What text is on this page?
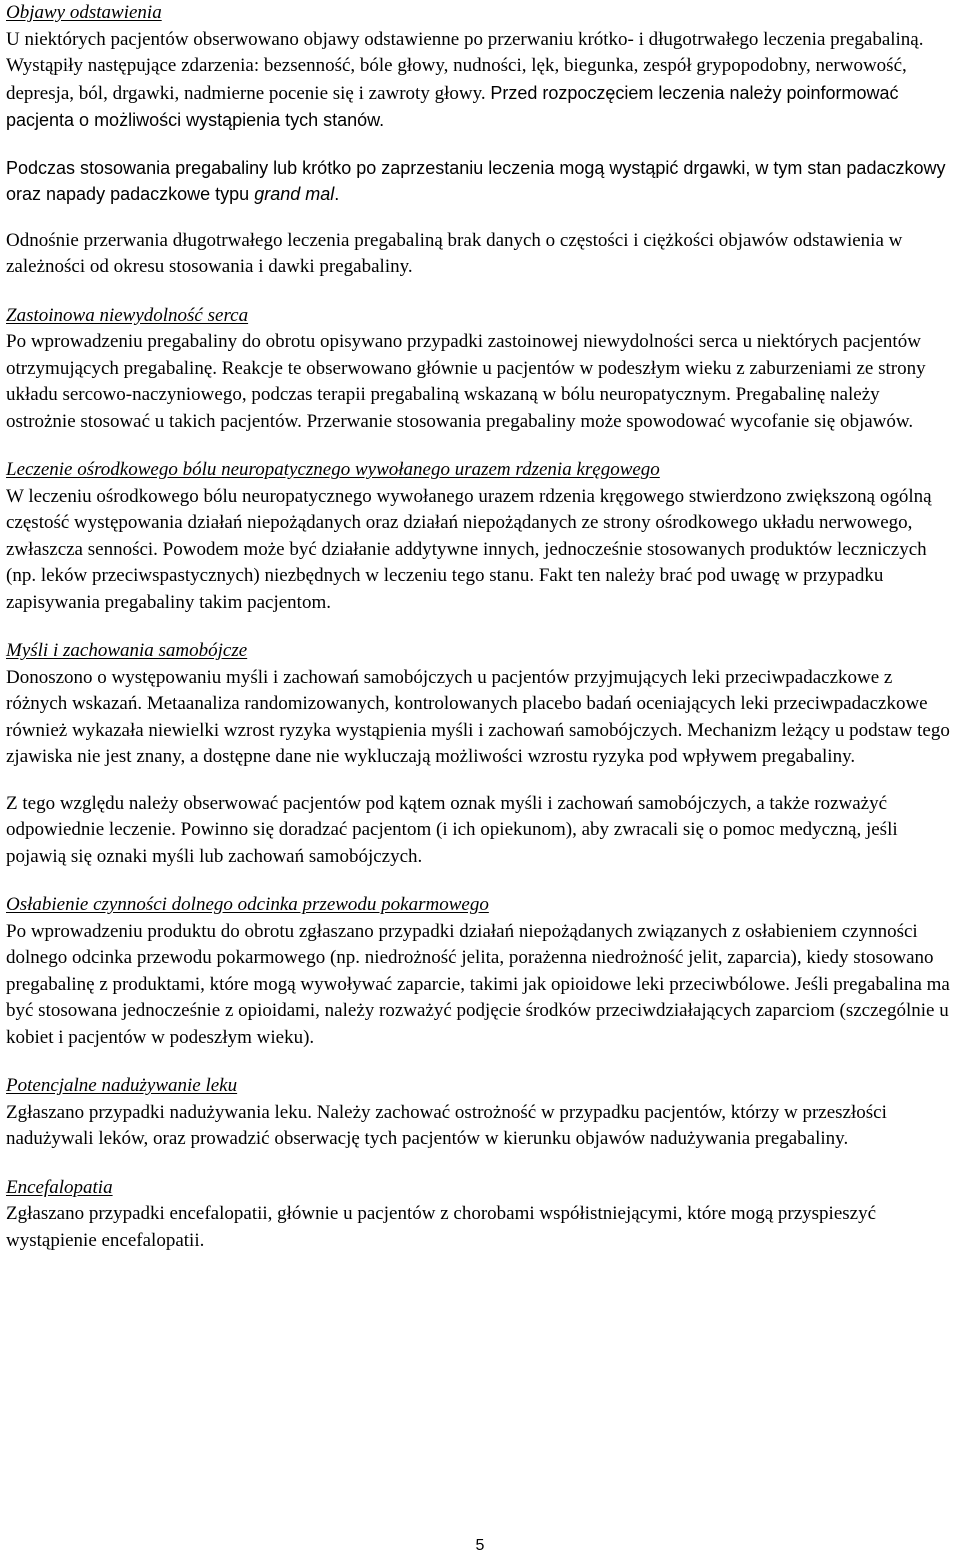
Objawy odstawienia

U niektórych pacjentów obserwowano objawy odstawienne po przerwaniu krótko- i długotrwałego leczenia pregabaliną. Wystąpiły następujące zdarzenia: bezsenność, bóle głowy, nudności, lęk, biegunka, zespół grypopodobny, nerwowość, depresja, ból, drgawki, nadmierne pocenie się i zawroty głowy. Przed rozpoczęciem leczenia należy poinformować pacjenta o możliwości wystąpienia tych stanów.

Podczas stosowania pregabaliny lub krótko po zaprzestaniu leczenia mogą wystąpić drgawki, w tym stan padaczkowy oraz napady padaczkowe typu grand mal.

Odnośnie przerwania długotrwałego leczenia pregabaliną brak danych o częstości i ciężkości objawów odstawienia w zależności od okresu stosowania i dawki pregabaliny.

Zastoinowa niewydolność serca

Po wprowadzeniu pregabaliny do obrotu opisywano przypadki zastoinowej niewydolności serca u niektórych pacjentów otrzymujących pregabalinę. Reakcje te obserwowano głównie u pacjentów w podeszłym wieku z zaburzeniami ze strony układu sercowo-naczyniowego, podczas terapii pregabaliną wskazaną w bólu neuropatycznym. Pregabalinę należy ostrożnie stosować u takich pacjentów. Przerwanie stosowania pregabaliny może spowodować wycofanie się objawów.

Leczenie ośrodkowego bólu neuropatycznego wywołanego urazem rdzenia kręgowego

W leczeniu ośrodkowego bólu neuropatycznego wywołanego urazem rdzenia kręgowego stwierdzono zwiększoną ogólną częstość występowania działań niepożądanych oraz działań niepożądanych ze strony ośrodkowego układu nerwowego, zwłaszcza senności. Powodem może być działanie addytywne innych, jednocześnie stosowanych produktów leczniczych (np. leków przeciwspastycznych) niezbędnych w leczeniu tego stanu. Fakt ten należy brać pod uwagę w przypadku zapisywania pregabaliny takim pacjentom.

Myśli i zachowania samobójcze

Donoszono o występowaniu myśli i zachowań samobójczych u pacjentów przyjmujących leki przeciwpadaczkowe z różnych wskazań. Metaanaliza randomizowanych, kontrolowanych placebo badań oceniających leki przeciwpadaczkowe również wykazała niewielki wzrost ryzyka wystąpienia myśli i zachowań samobójczych. Mechanizm leżący u podstaw tego zjawiska nie jest znany, a dostępne dane nie wykluczają możliwości wzrostu ryzyka pod wpływem pregabaliny.

Z tego względu należy obserwować pacjentów pod kątem oznak myśli i zachowań samobójczych, a także rozważyć odpowiednie leczenie. Powinno się doradzać pacjentom (i ich opiekunom), aby zwracali się o pomoc medyczną, jeśli pojawią się oznaki myśli lub zachowań samobójczych.

Osłabienie czynności dolnego odcinka przewodu pokarmowego

Po wprowadzeniu produktu do obrotu zgłaszano przypadki działań niepożądanych związanych z osłabieniem czynności dolnego odcinka przewodu pokarmowego (np. niedrożność jelita, porażenna niedrożność jelit, zaparcia), kiedy stosowano pregabalinę z produktami, które mogą wywoływać zaparcie, takimi jak opioidowe leki przeciwbólowe. Jeśli pregabalina ma być stosowana jednocześnie z opioidami, należy rozważyć podjęcie środków przeciwdziałających zaparciom (szczególnie u kobiet i pacjentów w podeszłym wieku).

Potencjalne nadużywanie leku

Zgłaszano przypadki nadużywania leku. Należy zachować ostrożność w przypadku pacjentów, którzy w przeszłości nadużywali leków, oraz prowadzić obserwację tych pacjentów w kierunku objawów nadużywania pregabaliny.

Encefalopatia

Zgłaszano przypadki encefalopatii, głównie u pacjentów z chorobami współistniejącymi, które mogą przyspieszyć wystąpienie encefalopatii.

5
